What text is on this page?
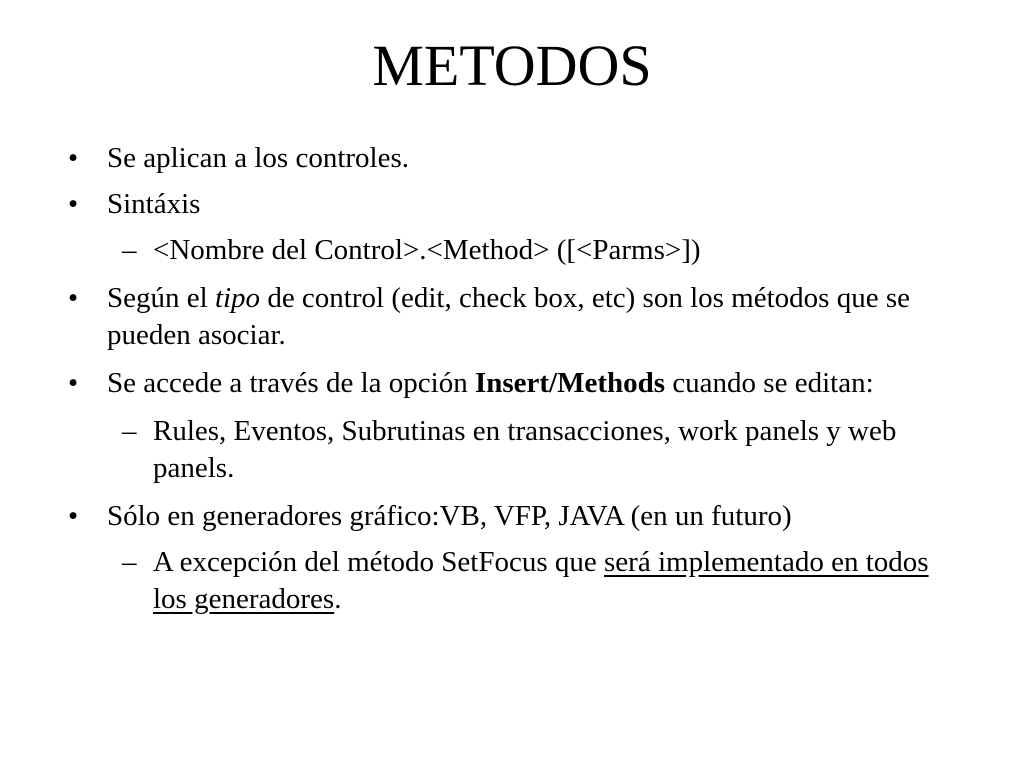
METODOS
• Se aplican a los controles.
• Sintáxis
– <Nombre del Control>.<Method> ([<Parms>])
• Según el tipo de control (edit, check box, etc) son los métodos que se pueden asociar.
• Se accede a través de la opción Insert/Methods cuando se editan:
– Rules, Eventos, Subrutinas en transacciones, work panels y web panels.
• Sólo en generadores gráfico:VB, VFP, JAVA (en un futuro)
– A excepción del método SetFocus que será implementado en todos los generadores.
